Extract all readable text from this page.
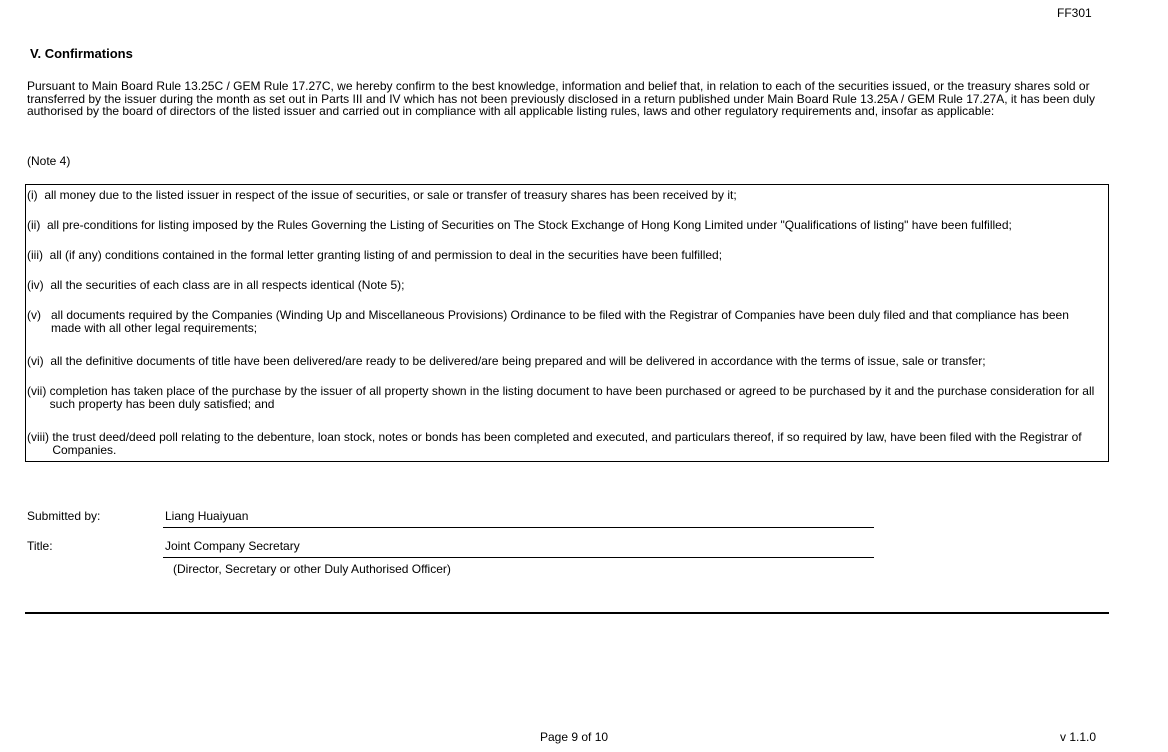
FF301
V. Confirmations
Pursuant to Main Board Rule 13.25C / GEM Rule 17.27C, we hereby confirm to the best knowledge, information and belief that, in relation to each of the securities issued, or the treasury shares sold or transferred by the issuer during the month as set out in Parts III and IV which has not been previously disclosed in a return published under Main Board Rule 13.25A / GEM Rule 17.27A, it has been duly authorised by the board of directors of the listed issuer and carried out in compliance with all applicable listing rules, laws and other regulatory requirements and, insofar as applicable:
(Note 4)
(i) all money due to the listed issuer in respect of the issue of securities, or sale or transfer of treasury shares has been received by it;
(ii) all pre-conditions for listing imposed by the Rules Governing the Listing of Securities on The Stock Exchange of Hong Kong Limited under "Qualifications of listing" have been fulfilled;
(iii) all (if any) conditions contained in the formal letter granting listing of and permission to deal in the securities have been fulfilled;
(iv) all the securities of each class are in all respects identical (Note 5);
(v) all documents required by the Companies (Winding Up and Miscellaneous Provisions) Ordinance to be filed with the Registrar of Companies have been duly filed and that compliance has been made with all other legal requirements;
(vi) all the definitive documents of title have been delivered/are ready to be delivered/are being prepared and will be delivered in accordance with the terms of issue, sale or transfer;
(vii) completion has taken place of the purchase by the issuer of all property shown in the listing document to have been purchased or agreed to be purchased by it and the purchase consideration for all such property has been duly satisfied; and
(viii) the trust deed/deed poll relating to the debenture, loan stock, notes or bonds has been completed and executed, and particulars thereof, if so required by law, have been filed with the Registrar of Companies.
Submitted by:	Liang Huaiyuan
Title:	Joint Company Secretary
(Director, Secretary or other Duly Authorised Officer)
Page 9 of 10	v 1.1.0
